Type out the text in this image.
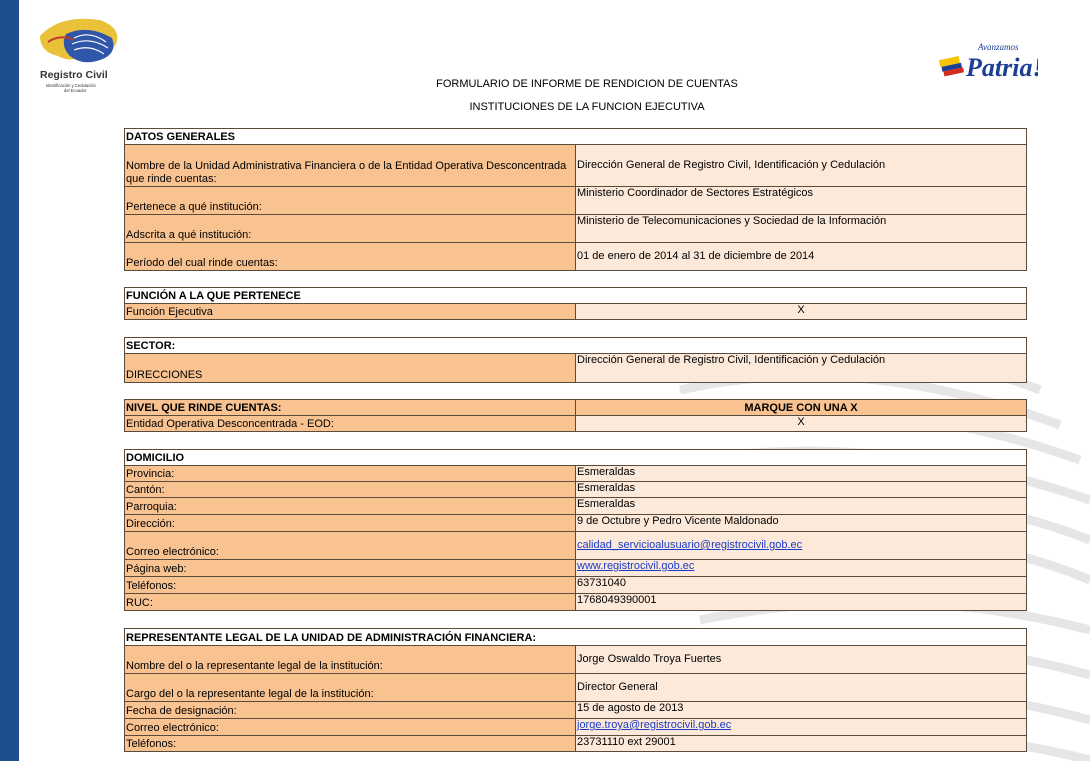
Registro Civil
Identificación y Cedulación
del Ecuador
Avanzamos
Patria!
FORMULARIO DE INFORME DE RENDICION DE CUENTAS
INSTITUCIONES DE LA FUNCION EJECUTIVA
DATOS GENERALES	
Nombre de la Unidad Administrativa Financiera o de la Entidad Operativa Desconcentrada que rinde cuentas:	Dirección General de Registro Civil, Identificación y Cedulación
Pertenece a qué institución:	Ministerio Coordinador de Sectores Estratégicos
Adscrita a qué institución:	Ministerio de Telecomunicaciones y Sociedad de la Información
Período del cual rinde cuentas:	01 de enero de 2014 al 31 de diciembre de 2014
FUNCIÓN A LA QUE PERTENECE
Función Ejecutiva	X
SECTOR:
DIRECCIONES	Dirección General de Registro Civil, Identificación y Cedulación
NIVEL QUE RINDE CUENTAS:	MARQUE CON UNA X
Entidad Operativa Desconcentrada - EOD:	X
DOMICILIO	
Provincia:	Esmeraldas
Cantón:	Esmeraldas
Parroquia:	Esmeraldas
Dirección:	9 de Octubre y Pedro Vicente Maldonado
Correo electrónico:	calidad_servicioalusuario@registrocivil.gob.ec
Página web:	www.registrocivil.gob.ec
Teléfonos:	63731040
RUC:	1768049390001
REPRESENTANTE LEGAL DE LA UNIDAD DE ADMINISTRACIÓN FINANCIERA:	
Nombre del o la representante legal de la institución:	Jorge Oswaldo Troya Fuertes
Cargo del o la representante legal de la institución:	Director General
Fecha de designación:	15 de agosto de 2013
Correo electrónico:	jorge.troya@registrocivil.gob.ec
Teléfonos:	23731110 ext 29001
